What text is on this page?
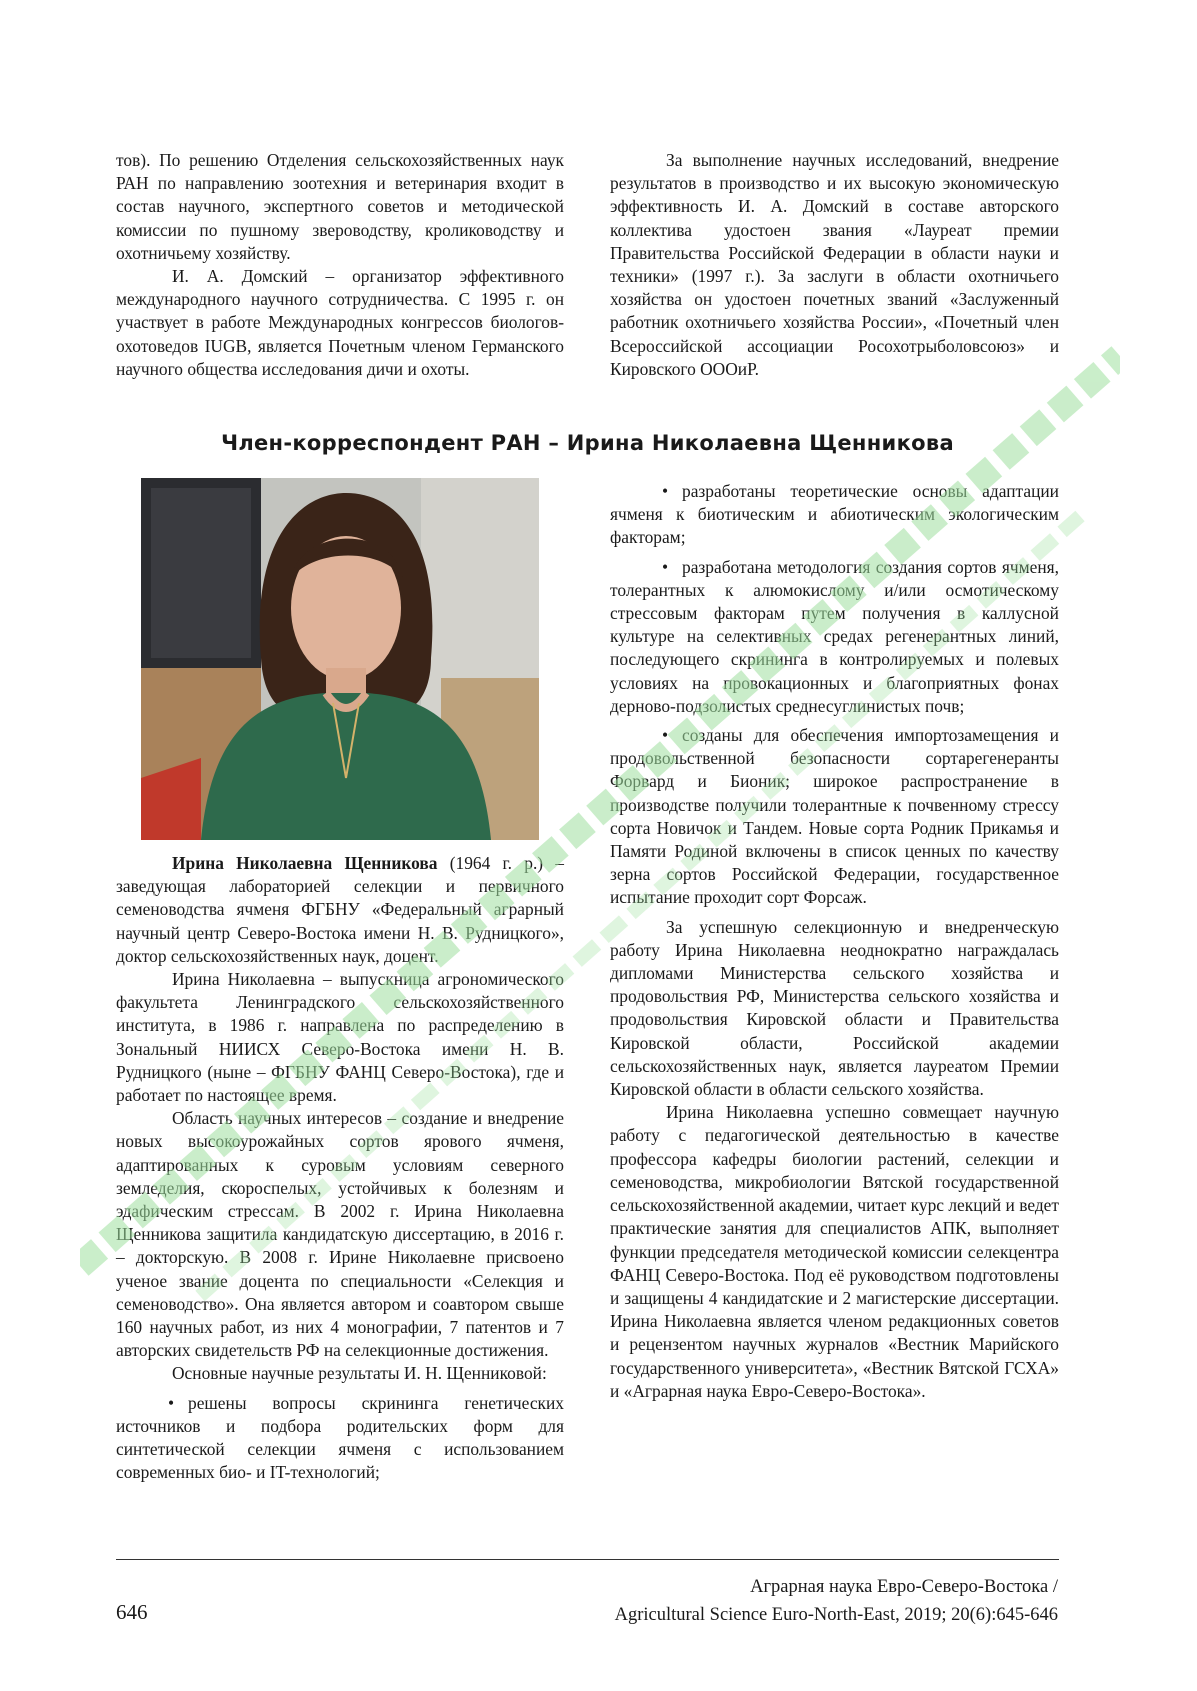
тов). По решению Отделения сельскохозяйственных наук РАН по направлению зоотехния и ветеринария входит в состав научного, экспертного советов и методической комиссии по пушному звероводству, кролиководству и охотничьему хозяйству.

И. А. Домский – организатор эффективного международного научного сотрудничества. С 1995 г. он участвует в работе Международных конгрессов биологов-охотоведов IUGB, является Почетным членом Германского научного общества исследования дичи и охоты.

За выполнение научных исследований, внедрение результатов в производство и их высокую экономическую эффективность И. А. Домский в составе авторского коллектива удостоен звания «Лауреат премии Правительства Российской Федерации в области науки и техники» (1997 г.). За заслуги в области охотничьего хозяйства он удостоен почетных званий «Заслуженный работник охотничьего хозяйства России», «Почетный член Всероссийской ассоциации Росохотрыболовсоюз» и Кировского ОООиР.

Член-корреспондент РАН – Ирина Николаевна Щенникова

Ирина Николаевна Щенникова (1964 г. р.) – заведующая лабораторией селекции и первичного семеноводства ячменя ФГБНУ «Федеральный аграрный научный центр Северо-Востока имени Н. В. Рудницкого», доктор сельскохозяйственных наук, доцент.

Ирина Николаевна – выпускница агрономического факультета Ленинградского сельскохозяйственного института, в 1986 г. направлена по распределению в Зональный НИИСХ Северо-Востока имени Н. В. Рудницкого (ныне – ФГБНУ ФАНЦ Северо-Востока), где и работает по настоящее время.

Область научных интересов – создание и внедрение новых высокоурожайных сортов ярового ячменя, адаптированных к суровым условиям северного земледелия, скороспелых, устойчивых к болезням и эдафическим стрессам. В 2002 г. Ирина Николаевна Щенникова защитила кандидатскую диссертацию, в 2016 г. – докторскую. В 2008 г. Ирине Николаевне присвоено ученое звание доцента по специальности «Селекция и семеноводство». Она является автором и соавтором свыше 160 научных работ, из них 4 монографии, 7 патентов и 7 авторских свидетельств РФ на селекционные достижения.

Основные научные результаты И. Н. Щенниковой:

• решены вопросы скрининга генетических источников и подбора родительских форм для синтетической селекции ячменя с использованием современных био- и IT-технологий;

• разработаны теоретические основы адаптации ячменя к биотическим и абиотическим экологическим факторам;

• разработана методология создания сортов ячменя, толерантных к алюмокислому и/или осмотическому стрессовым факторам путем получения в каллусной культуре на селективных средах регенерантных линий, последующего скрининга в контролируемых и полевых условиях на провокационных и благоприятных фонах дерново-подзолистых среднесуглинистых почв;

• созданы для обеспечения импортозамещения и продовольственной безопасности сортарегенеранты Форвард и Бионик; широкое распространение в производстве получили толерантные к почвенному стрессу сорта Новичок и Тандем. Новые сорта Родник Прикамья и Памяти Родиной включены в список ценных по качеству зерна сортов Российской Федерации, государственное испытание проходит сорт Форсаж.

За успешную селекционную и внедренческую работу Ирина Николаевна неоднократно награждалась дипломами Министерства сельского хозяйства и продовольствия РФ, Министерства сельского хозяйства и продовольствия Кировской области и Правительства Кировской области, Российской академии сельскохозяйственных наук, является лауреатом Премии Кировской области в области сельского хозяйства.

Ирина Николаевна успешно совмещает научную работу с педагогической деятельностью в качестве профессора кафедры биологии растений, селекции и семеноводства, микробиологии Вятской государственной сельскохозяйственной академии, читает курс лекций и ведет практические занятия для специалистов АПК, выполняет функции председателя методической комиссии селекцентра ФАНЦ Северо-Востока. Под её руководством подготовлены и защищены 4 кандидатские и 2 магистерские диссертации. Ирина Николаевна является членом редакционных советов и рецензентом научных журналов «Вестник Марийского государственного университета», «Вестник Вятской ГСХА» и «Аграрная наука Евро-Северо-Востока».

646
Аграрная наука Евро-Северо-Востока /
Agricultural Science Euro-North-East, 2019; 20(6):645-646
